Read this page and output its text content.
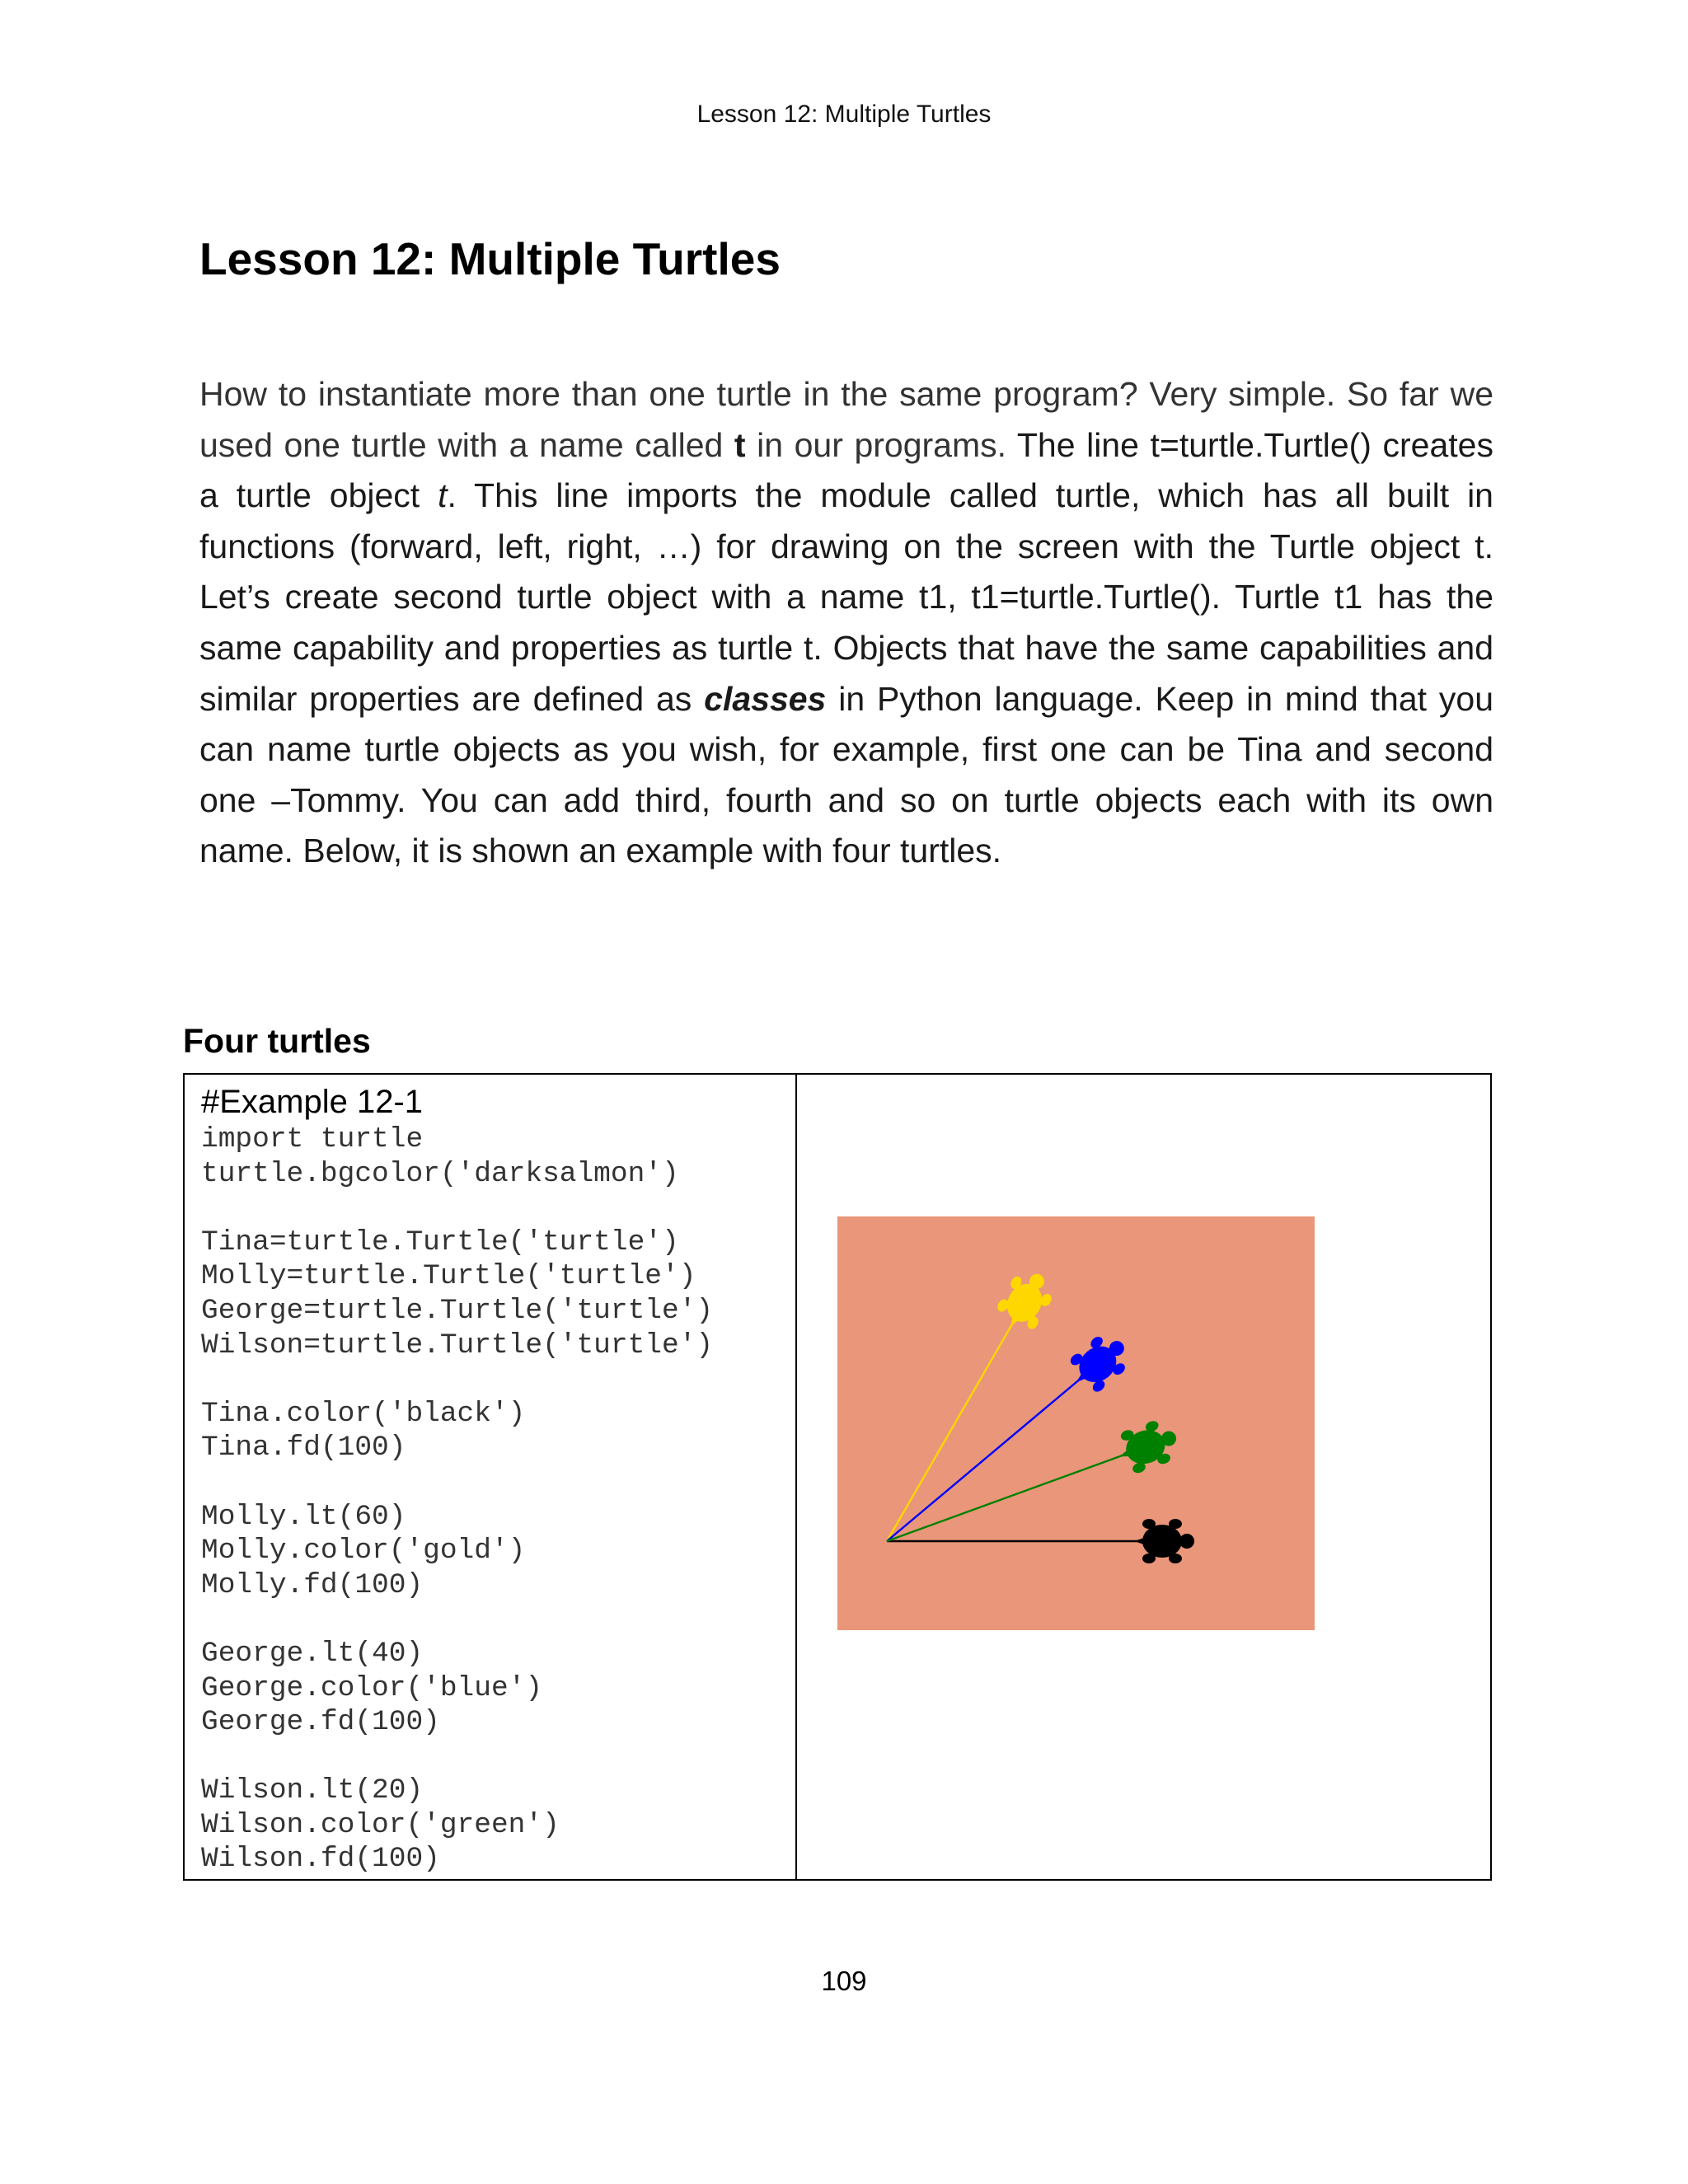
Lesson 12: Multiple Turtles
Lesson 12: Multiple Turtles

How to instantiate more than one turtle in the same program? Very simple. So far we used one turtle with a name called t in our programs. The line t=turtle.Turtle() creates a turtle object t. This line imports the module called turtle, which has all built in functions (forward, left, right, …) for drawing on the screen with the Turtle object t. Let’s create second turtle object with a name t1, t1=turtle.Turtle(). Turtle t1 has the same capability and properties as turtle t. Objects that have the same capabilities and similar properties are defined as classes in Python language. Keep in mind that you can name turtle objects as you wish, for example, first one can be Tina and second one –Tommy. You can add third, fourth and so on turtle objects each with its own name. Below, it is shown an example with four turtles.

Four turtles

#Example 12-1

import turtle
turtle.bgcolor('darksalmon')

Tina=turtle.Turtle('turtle')
Molly=turtle.Turtle('turtle')
George=turtle.Turtle('turtle')
Wilson=turtle.Turtle('turtle')

Tina.color('black')
Tina.fd(100)

Molly.lt(60)
Molly.color('gold')
Molly.fd(100)

George.lt(40)
George.color('blue')
George.fd(100)

Wilson.lt(20)
Wilson.color('green')
Wilson.fd(100)
109
